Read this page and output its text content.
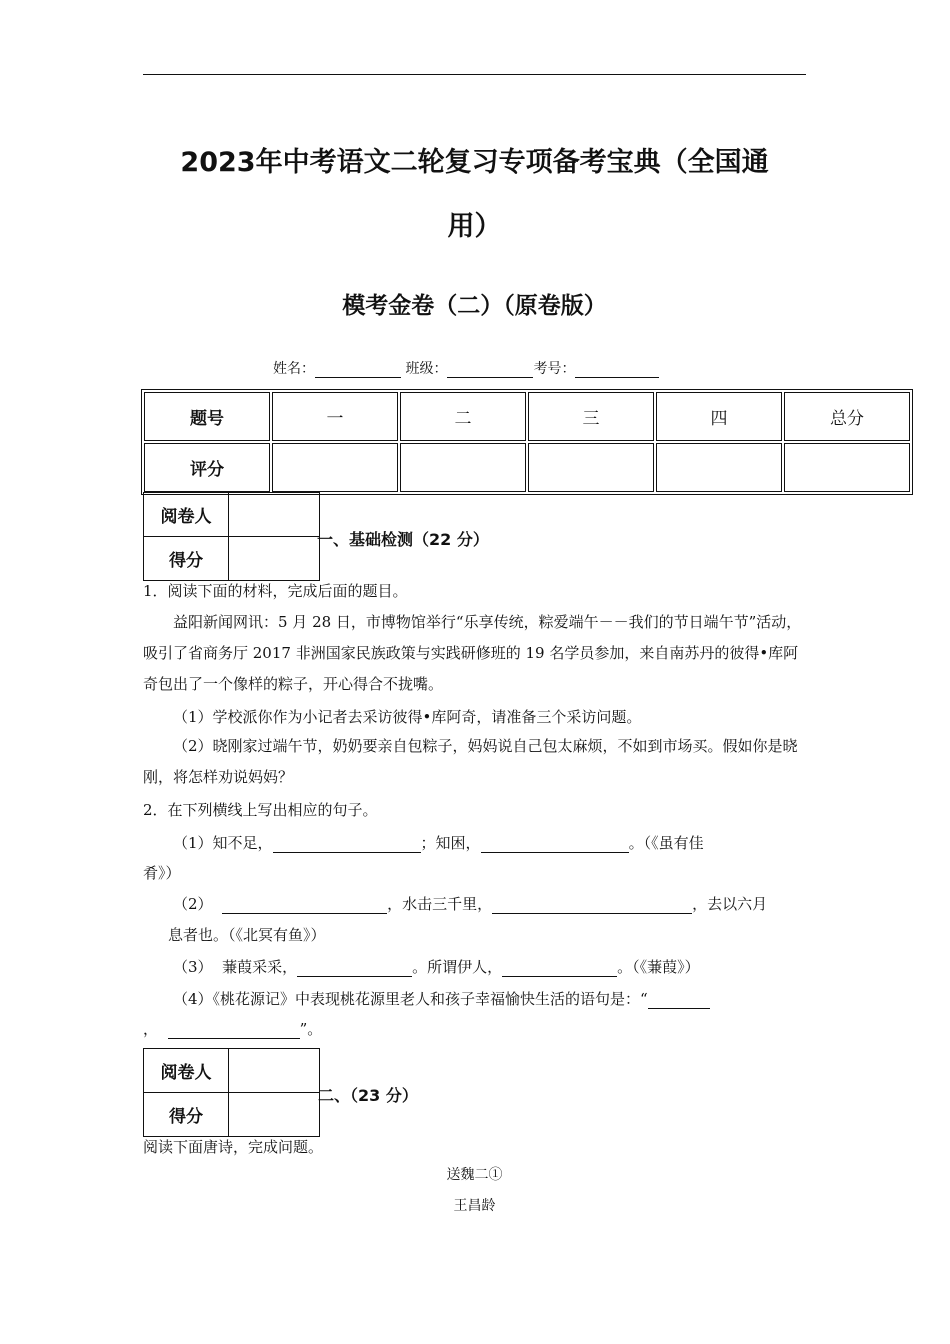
2023年中考语文二轮复习专项备考宝典（全国通
用）
模考金卷（二）（原卷版）
姓名：	班级：	考号：
题号	一	二	三	四	总分
评分					
阅卷人	
得分	
一、基础检测（22 分）
1．阅读下面的材料，完成后面的题目。
益阳新闻网讯：5 月 28 日，市博物馆举行“乐享传统，粽爱端午－－我们的节日端午节”活动，吸引了省商务厅 2017 非洲国家民族政策与实践研修班的 19 名学员参加，来自南苏丹的彼得•库阿奇包出了一个像样的粽子，开心得合不拢嘴。
（1）学校派你作为小记者去采访彼得•库阿奇，请准备三个采访问题。
（2）晓刚家过端午节，奶奶要亲自包粽子，妈妈说自己包太麻烦，不如到市场买。假如你是晓刚，将怎样劝说妈妈？
2．在下列横线上写出相应的句子。
（1）知不足，	；知困，	。（《虽有佳
肴》）
（2）	，水击三千里，	，去以六月
息者也。（《北冥有鱼》）
（3） 蒹葭采采，	。所谓伊人，	。（《蒹葭》）
（4）《桃花源记》中表现桃花源里老人和孩子幸福愉快生活的语句是：“
，	”。
阅卷人	
得分	
二、（23 分）
阅读下面唐诗，完成问题。
送魏二①
王昌龄
